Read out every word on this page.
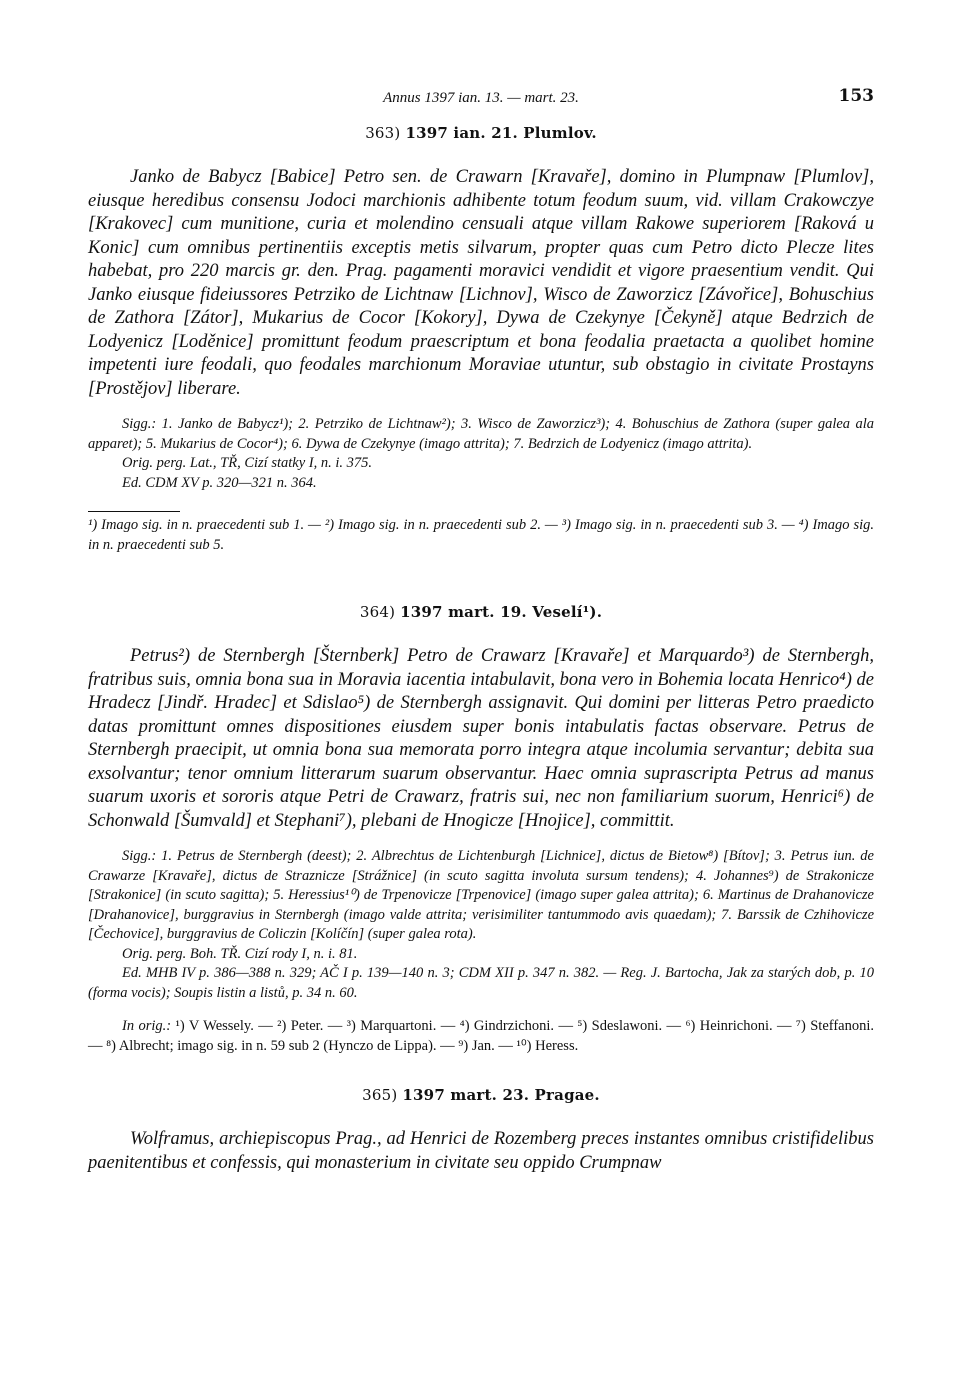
Annus 1397 ian. 13. — mart. 23.	153
363) 1397 ian. 21. Plumlov.

Janko de Babycz [Babice] Petro sen. de Crawarn [Kravaře], domino in Plumpnaw [Plumlov], eiusque heredibus consensu Jodoci marchionis adhibente totum feodum suum, vid. villam Crakowczye [Krakovec] cum munitione, curia et molendino censuali atque villam Rakowe superiorem [Raková u Konic] cum omnibus pertinentiis exceptis metis silvarum, propter quas cum Petro dicto Plecze lites habebat, pro 220 marcis gr. den. Prag. pagamenti moravici vendidit et vigore praesentium vendit. Qui Janko eiusque fideiussores Petrziko de Lichtnaw [Lichnov], Wisco de Zaworzicz [Závořice], Bohuschius de Zathora [Zátor], Mukarius de Cocor [Kokory], Dywa de Czekynye [Čekyně] atque Bedrzich de Lodyenicz [Loděnice] promittunt feodum praescriptum et bona feodalia praetacta a quolibet homine impetenti iure feodali, quo feodales marchionum Moraviae utuntur, sub obstagio in civitate Prostayns [Prostějov] liberare.

Sigg.: 1. Janko de Babycz¹); 2. Petrziko de Lichtnaw²); 3. Wisco de Zaworzicz³); 4. Bohuschius de Zathora (super galea ala apparet); 5. Mukarius de Cocor⁴); 6. Dywa de Czekynye (imago attrita); 7. Bedrzich de Lodyenicz (imago attrita).

Orig. perg. Lat., TŘ, Cizí statky I, n. i. 375.

Ed. CDM XV p. 320—321 n. 364.

¹) Imago sig. in n. praecedenti sub 1. — ²) Imago sig. in n. praecedenti sub 2. — ³) Imago sig. in n. praecedenti sub 3. — ⁴) Imago sig. in n. praecedenti sub 5.

364) 1397 mart. 19. Veselí¹).

Petrus²) de Sternbergh [Šternberk] Petro de Crawarz [Kravaře] et Marquardo³) de Sternbergh, fratribus suis, omnia bona sua in Moravia iacentia intabulavit, bona vero in Bohemia locata Henrico⁴) de Hradecz [Jindř. Hradec] et Sdislao⁵) de Sternbergh assignavit. Qui domini per litteras Petro praedicto datas promittunt omnes dispositiones eiusdem super bonis intabulatis factas observare. Petrus de Sternbergh praecipit, ut omnia bona sua memorata porro integra atque incolumia servantur; debita sua exsolvantur; tenor omnium litterarum suarum observantur. Haec omnia suprascripta Petrus ad manus suarum uxoris et sororis atque Petri de Crawarz, fratris sui, nec non familiarium suorum, Henrici⁶) de Schonwald [Šumvald] et Stephani⁷), plebani de Hnogicze [Hnojice], committit.

Sigg.: 1. Petrus de Sternbergh (deest); 2. Albrechtus de Lichtenburgh [Lichnice], dictus de Bietow⁸) [Bítov]; 3. Petrus iun. de Crawarze [Kravaře], dictus de Straznicze [Strážnice] (in scuto sagitta involuta sursum tendens); 4. Johannes⁹) de Strakonicze [Strakonice] (in scuto sagitta); 5. Heressius¹⁰) de Trpenovicze [Trpenovice] (imago super galea attrita); 6. Martinus de Drahanovicze [Drahanovice], burggravius in Sternbergh (imago valde attrita; verisimiliter tantummodo avis quaedam); 7. Barssik de Czhihovicze [Čechovice], burggravius de Coliczin [Kolíčín] (super galea rota).

Orig. perg. Boh. TŘ. Cizí rody I, n. i. 81.

Ed. MHB IV p. 386—388 n. 329; AČ I p. 139—140 n. 3; CDM XII p. 347 n. 382. — Reg. J. Bartocha, Jak za starých dob, p. 10 (forma vocis); Soupis listin a listů, p. 34 n. 60.

In orig.: ¹) V Wessely. — ²) Peter. — ³) Marquartoni. — ⁴) Gindrzichoni. — ⁵) Sdeslawoni. — ⁶) Heinrichoni. — ⁷) Steffanoni. — ⁸) Albrecht; imago sig. in n. 59 sub 2 (Hynczo de Lippa). — ⁹) Jan. — ¹⁰) Heress.

365) 1397 mart. 23. Pragae.

Wolframus, archiepiscopus Prag., ad Henrici de Rozemberg preces instantes omnibus cristifidelibus paenitentibus et confessis, qui monasterium in civitate seu oppido Crumpnaw
